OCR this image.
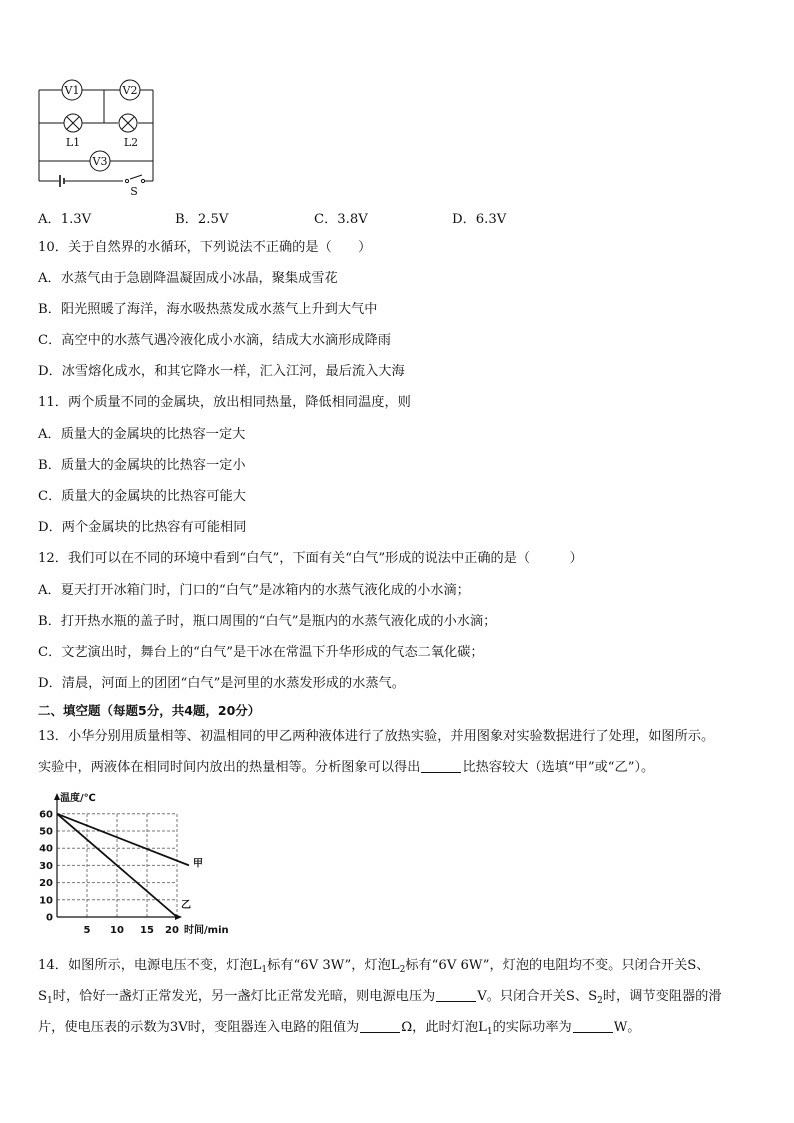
V1	V2
V3
L1	L2
S
A．1.3V	B．2.5V	C．3.8V	D．6.3V
10．关于自然界的水循环，下列说法不正确的是（　　）
A．水蒸气由于急剧降温凝固成小冰晶，聚集成雪花
B．阳光照暖了海洋，海水吸热蒸发成水蒸气上升到大气中
C．高空中的水蒸气遇冷液化成小水滴，结成大水滴形成降雨
D．冰雪熔化成水，和其它降水一样，汇入江河，最后流入大海
11．两个质量不同的金属块，放出相同热量，降低相同温度，则
A．质量大的金属块的比热容一定大
B．质量大的金属块的比热容一定小
C．质量大的金属块的比热容可能大
D．两个金属块的比热容有可能相同
12．我们可以在不同的环境中看到“白气”，下面有关“白气”形成的说法中正确的是（　　　）
A．夏天打开冰箱门时，门口的“白气”是冰箱内的水蒸气液化成的小水滴；
B．打开热水瓶的盖子时，瓶口周围的“白气”是瓶内的水蒸气液化成的小水滴；
C．文艺演出时，舞台上的“白气”是干冰在常温下升华形成的气态二氧化碳；
D．清晨，河面上的团团“白气”是河里的水蒸发形成的水蒸气。
二、填空题（每题5分，共4题，20分）
13．小华分别用质量相等、初温相同的甲乙两种液体进行了放热实验，并用图象对实验数据进行了处理，如图所示。
实验中，两液体在相同时间内放出的热量相等。分析图象可以得出	比热容较大（选填“甲”或“乙”）。
0
10
20
30
40
50
60
5 10 15 20
温度/℃
时间/min
甲
乙
14．如图所示，电源电压不变，灯泡$L_1$标有“6V 3W”，灯泡$L_2$标有“6V 6W”，灯泡的电阻均不变。只闭合开关S、
$S_1$时，恰好一盏灯正常发光，另一盏灯比正常发光暗，则电源电压为	V。只闭合开关S、$S_2$时，调节变阻器的滑
片，使电压表的示数为3V时，变阻器连入电路的阻值为	Ω，此时灯泡$L_1$的实际功率为	W。
